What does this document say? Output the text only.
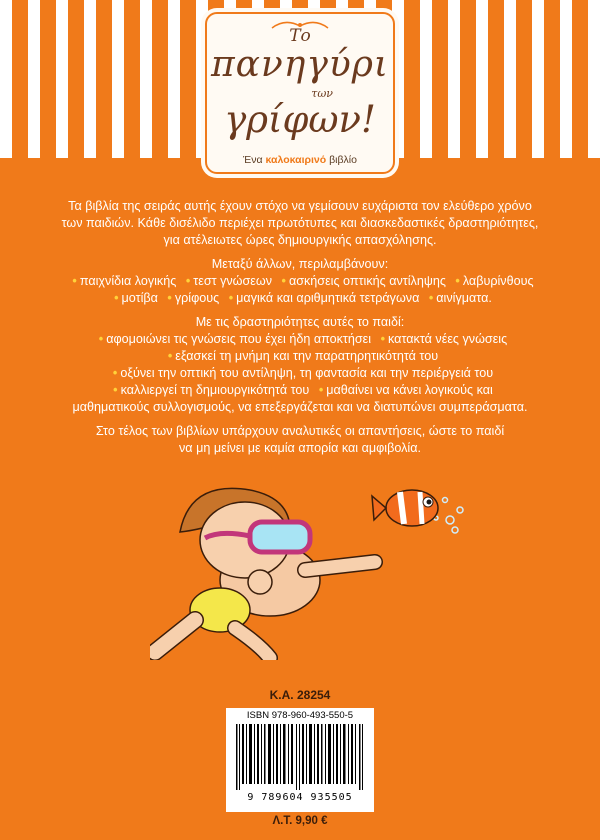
Το
πανηγύρι
των
γρίφων!
Ένα καλοκαιρινό βιβλίο
Τα βιβλία της σειράς αυτής έχουν στόχο να γεμίσουν ευχάριστα τον ελεύθερο χρόνο
των παιδιών. Κάθε δισέλιδο περιέχει πρωτότυπες και διασκεδαστικές δραστηριότητες,
για ατέλειωτες ώρες δημιουργικής απασχόλησης.
Μεταξύ άλλων, περιλαμβάνουν:
• παιχνίδια λογικής • τεστ γνώσεων • ασκήσεις οπτικής αντίληψης • λαβυρίνθους
• μοτίβα • γρίφους • μαγικά και αριθμητικά τετράγωνα • αινίγματα.
Με τις δραστηριότητες αυτές το παιδί:
• αφομοιώνει τις γνώσεις που έχει ήδη αποκτήσει • κατακτά νέες γνώσεις
• εξασκεί τη μνήμη και την παρατηρητικότητά του
• οξύνει την οπτική του αντίληψη, τη φαντασία και την περιέργειά του
• καλλιεργεί τη δημιουργικότητά του • μαθαίνει να κάνει λογικούς και
μαθηματικούς συλλογισμούς, να επεξεργάζεται και να διατυπώνει συμπεράσματα.
Στο τέλος των βιβλίων υπάρχουν αναλυτικές οι απαντήσεις, ώστε το παιδί
να μη μείνει με καμία απορία και αμφιβολία.
Κ.Α. 28254
ISBN 978-960-493-550-5
9 789604 935505
Λ.Τ. 9,90 €
